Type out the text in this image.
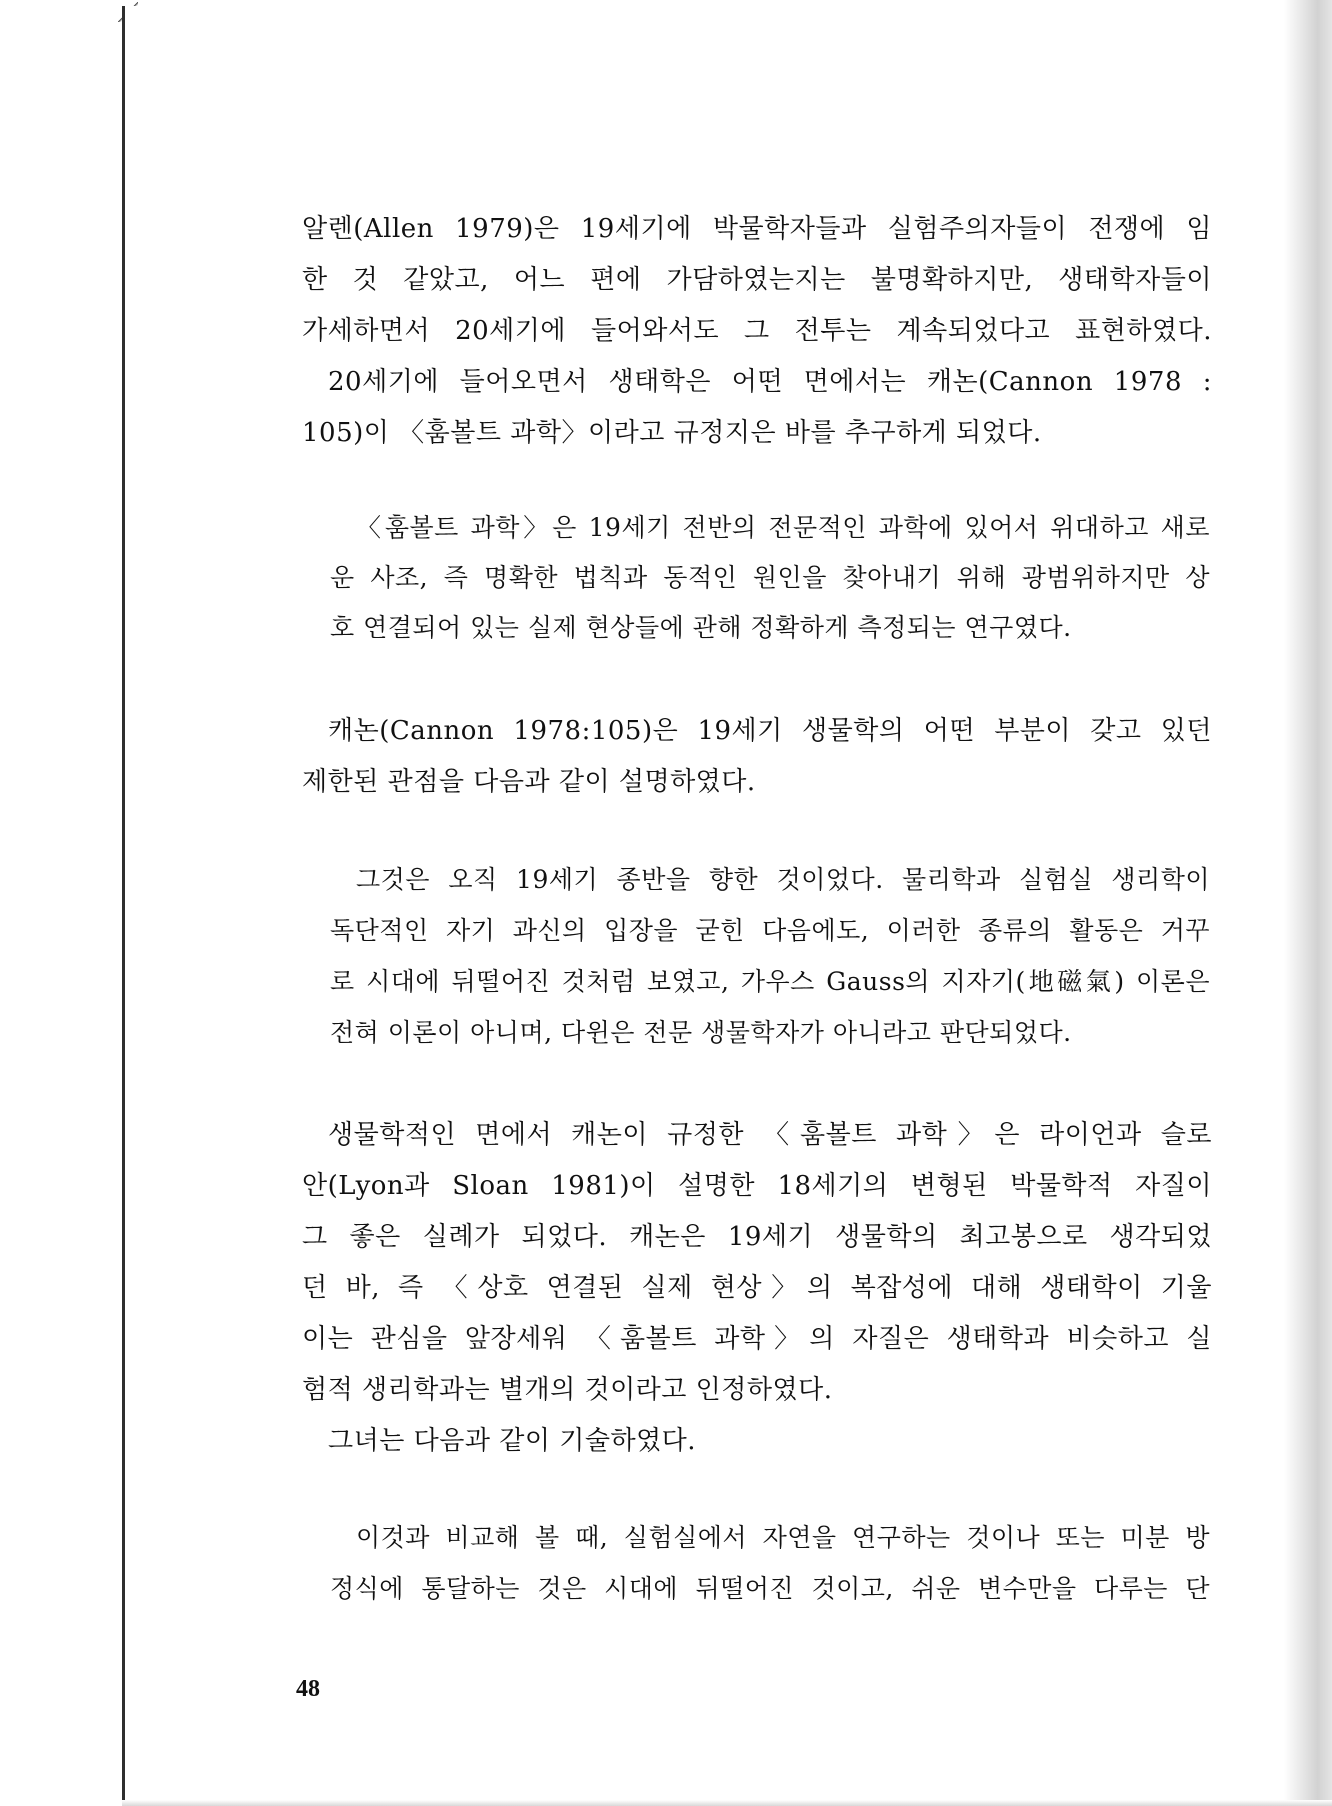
알렌(Allen 1979)은 19세기에 박물학자들과 실험주의자들이 전쟁에 임
한 것 같았고, 어느 편에 가담하였는지는 불명확하지만, 생태학자들이
가세하면서 20세기에 들어와서도 그 전투는 계속되었다고 표현하였다.
20세기에 들어오면서 생태학은 어떤 면에서는 캐논(Cannon 1978 :
105)이 〈훔볼트 과학〉이라고 규정지은 바를 추구하게 되었다.
〈훔볼트 과학〉은 19세기 전반의 전문적인 과학에 있어서 위대하고 새로
운 사조, 즉 명확한 법칙과 동적인 원인을 찾아내기 위해 광범위하지만 상
호 연결되어 있는 실제 현상들에 관해 정확하게 측정되는 연구였다.
캐논(Cannon 1978:105)은 19세기 생물학의 어떤 부분이 갖고 있던
제한된 관점을 다음과 같이 설명하였다.
그것은 오직 19세기 종반을 향한 것이었다. 물리학과 실험실 생리학이
독단적인 자기 과신의 입장을 굳힌 다음에도, 이러한 종류의 활동은 거꾸
로 시대에 뒤떨어진 것처럼 보였고, 가우스 Gauss의 지자기(地磁氣) 이론은
전혀 이론이 아니며, 다윈은 전문 생물학자가 아니라고 판단되었다.
생물학적인 면에서 캐논이 규정한 〈훔볼트 과학〉은 라이언과 슬로
안(Lyon과 Sloan 1981)이 설명한 18세기의 변형된 박물학적 자질이
그 좋은 실례가 되었다. 캐논은 19세기 생물학의 최고봉으로 생각되었
던 바, 즉 〈상호 연결된 실제 현상〉의 복잡성에 대해 생태학이 기울
이는 관심을 앞장세워 〈훔볼트 과학〉의 자질은 생태학과 비슷하고 실
험적 생리학과는 별개의 것이라고 인정하였다.
그녀는 다음과 같이 기술하였다.
이것과 비교해 볼 때, 실험실에서 자연을 연구하는 것이나 또는 미분 방
정식에 통달하는 것은 시대에 뒤떨어진 것이고, 쉬운 변수만을 다루는 단
48
